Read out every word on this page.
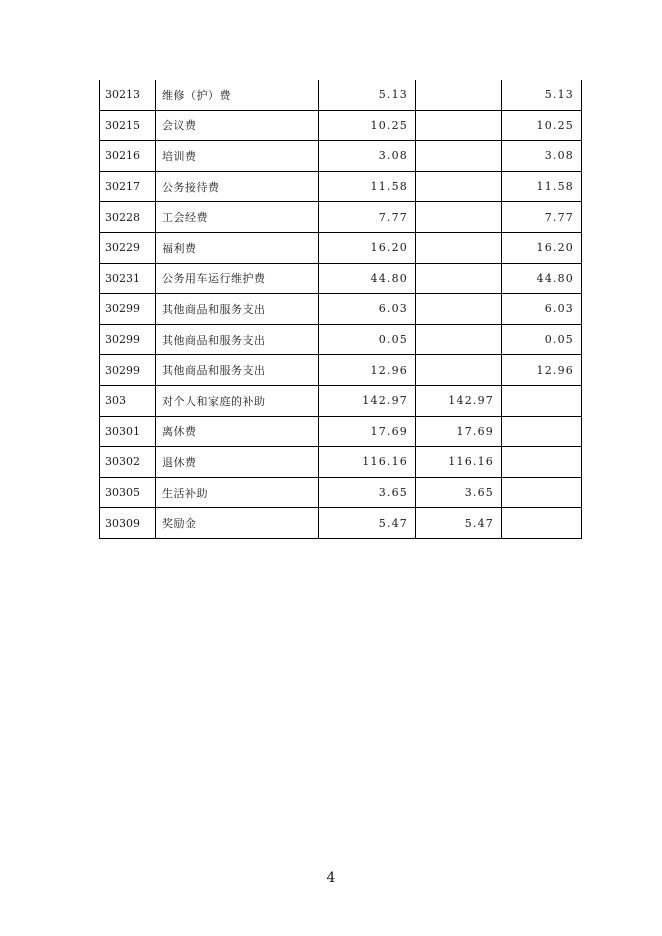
30213	维修（护）费	5.13		5.13
30215	会议费	10.25		10.25
30216	培训费	3.08		3.08
30217	公务接待费	11.58		11.58
30228	工会经费	7.77		7.77
30229	福利费	16.20		16.20
30231	公务用车运行维护费	44.80		44.80
30299	其他商品和服务支出	6.03		6.03
30299	其他商品和服务支出	0.05		0.05
30299	其他商品和服务支出	12.96		12.96
303	对个人和家庭的补助	142.97	142.97	
30301	离休费	17.69	17.69	
30302	退休费	116.16	116.16	
30305	生活补助	3.65	3.65	
30309	奖励金	5.47	5.47	
4
